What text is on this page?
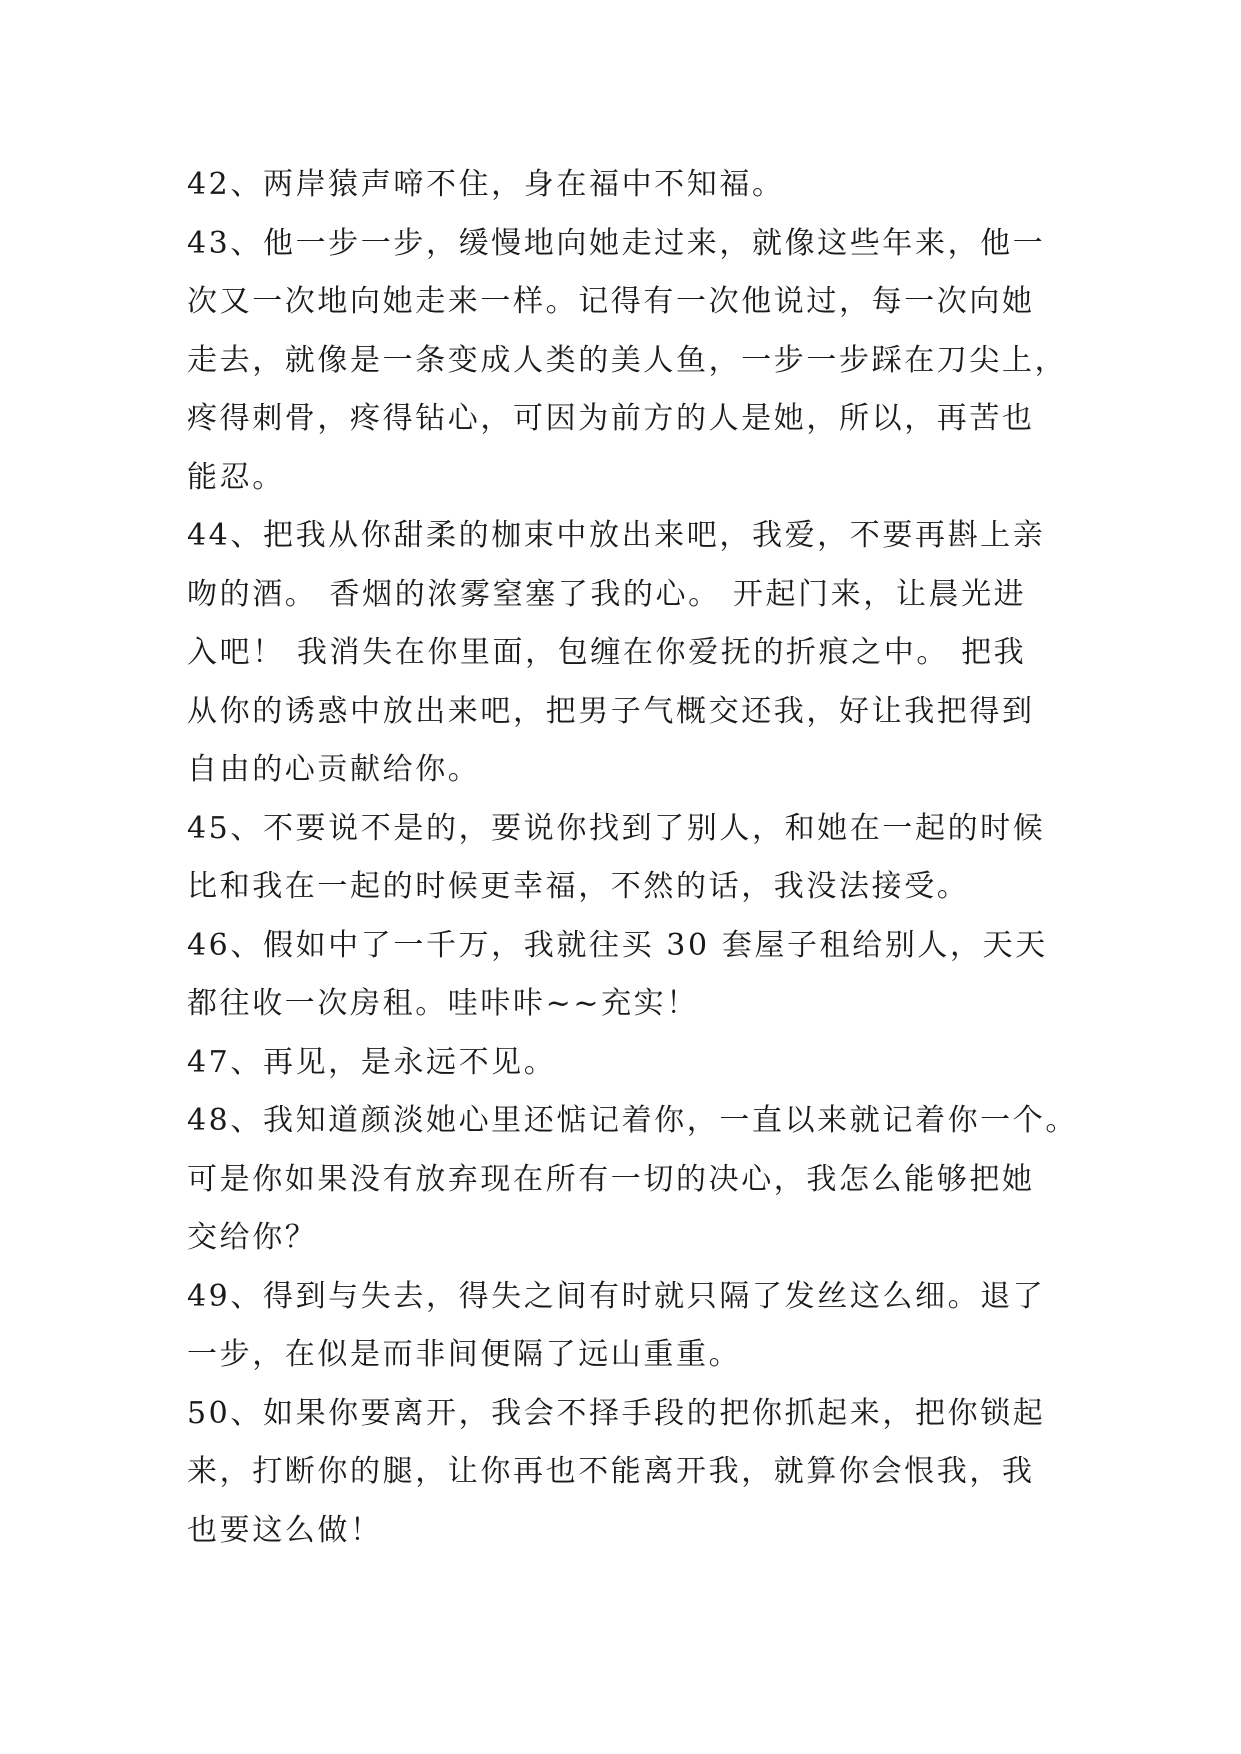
42、两岸猿声啼不住，身在福中不知福。
43、他一步一步，缓慢地向她走过来，就像这些年来，他一
次又一次地向她走来一样。记得有一次他说过，每一次向她
走去，就像是一条变成人类的美人鱼，一步一步踩在刀尖上，
疼得刺骨，疼得钻心，可因为前方的人是她，所以，再苦也
能忍。
44、把我从你甜柔的枷束中放出来吧，我爱，不要再斟上亲
吻的酒。 香烟的浓雾窒塞了我的心。 开起门来，让晨光进
入吧！ 我消失在你里面，包缠在你爱抚的折痕之中。 把我
从你的诱惑中放出来吧，把男子气概交还我，好让我把得到
自由的心贡献给你。
45、不要说不是的，要说你找到了别人，和她在一起的时候
比和我在一起的时候更幸福，不然的话，我没法接受。
46、假如中了一千万，我就往买 30 套屋子租给别人，天天
都往收一次房租。哇咔咔~~充实！
47、再见，是永远不见。
48、我知道颜淡她心里还惦记着你，一直以来就记着你一个。
可是你如果没有放弃现在所有一切的决心，我怎么能够把她
交给你？
49、得到与失去，得失之间有时就只隔了发丝这么细。退了
一步，在似是而非间便隔了远山重重。
50、如果你要离开，我会不择手段的把你抓起来，把你锁起
来，打断你的腿，让你再也不能离开我，就算你会恨我，我
也要这么做！
